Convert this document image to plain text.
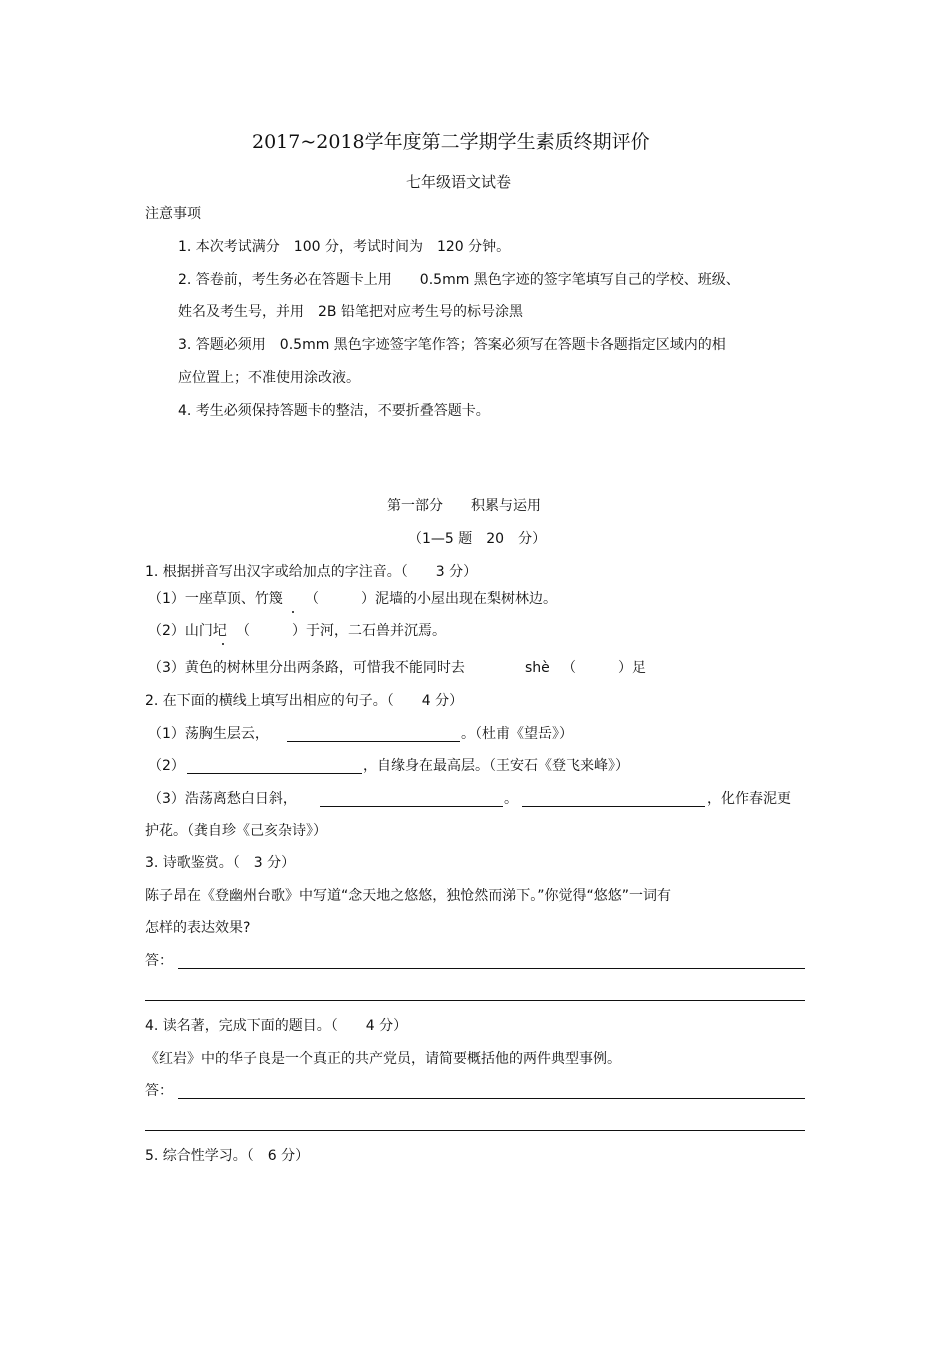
2017~2018学年度第二学期学生素质终期评价
七年级语文试卷
注意事项
1. 本次考试满分　100 分，考试时间为　120 分钟。
2. 答卷前，考生务必在答题卡上用　　0.5mm 黑色字迹的签字笔填写自己的学校、班级、
姓名及考生号，并用　2B 铅笔把对应考生号的标号涂黑
3. 答题必须用　0.5mm 黑色字迹签字笔作答；答案必须写在答题卡各题指定区域内的相
应位置上；不准使用涂改液。
4. 考生必须保持答题卡的整洁，不要折叠答题卡。
第一部分　　积累与运用
（1—5 题　20　分）
1. 根据拼音写出汉字或给加点的字注音。（　　3 分）
（1）一座草顶、竹篾 （　　　）泥墙的小屋出现在梨树林边。
（2）山门圮 （　　　）于河，二石兽并沉焉。
（3）黄色的树林里分出两条路，可惜我不能同时去	shè （　　　）足
2. 在下面的横线上填写出相应的句子。（　　4 分）
（1）荡胸生层云，	。（杜甫《望岳》）
（2）	，自缘身在最高层。（王安石《登飞来峰》）
（3）浩荡离愁白日斜，	。	，化作春泥更
护花。（龚自珍《己亥杂诗》）
3. 诗歌鉴赏。（　3 分）
陈子昂在《登幽州台歌》中写道“念天地之悠悠，独怆然而涕下。”你觉得“悠悠”一词有
怎样的表达效果?
答：
4. 读名著，完成下面的题目。（　　4 分）
《红岩》中的华子良是一个真正的共产党员，请简要概括他的两件典型事例。
答：
5. 综合性学习。（　6 分）
